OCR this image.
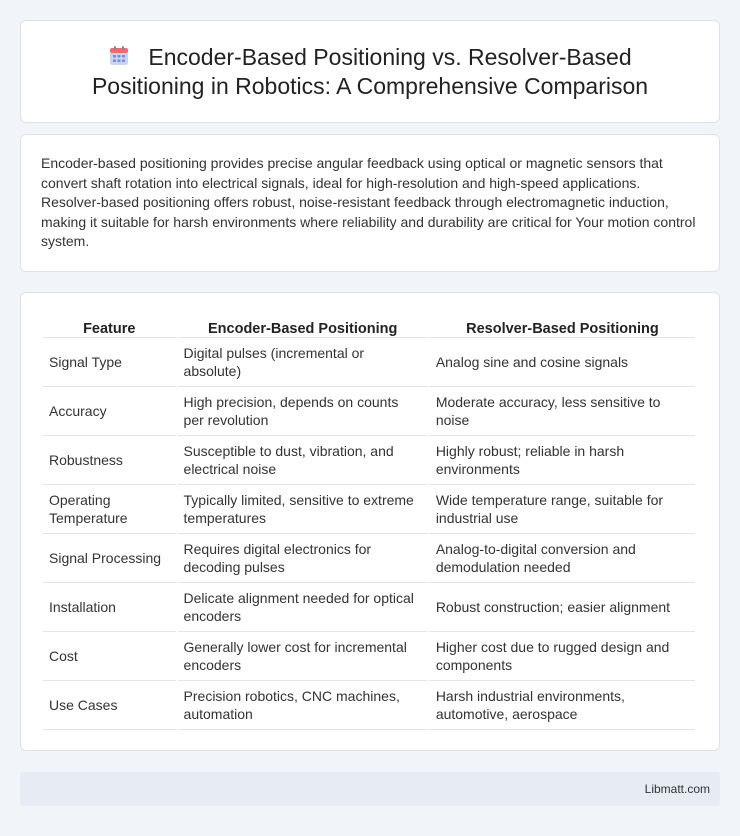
Encoder-Based Positioning vs. Resolver-Based Positioning in Robotics: A Comprehensive Comparison

Encoder-based positioning provides precise angular feedback using optical or magnetic sensors that convert shaft rotation into electrical signals, ideal for high-resolution and high-speed applications. Resolver-based positioning offers robust, noise-resistant feedback through electromagnetic induction, making it suitable for harsh environments where reliability and durability are critical for Your motion control system.

Feature	Encoder-Based Positioning	Resolver-Based Positioning
Signal Type	Digital pulses (incremental or absolute)	Analog sine and cosine signals
Accuracy	High precision, depends on counts per revolution	Moderate accuracy, less sensitive to noise
Robustness	Susceptible to dust, vibration, and electrical noise	Highly robust; reliable in harsh environments
Operating Temperature	Typically limited, sensitive to extreme temperatures	Wide temperature range, suitable for industrial use
Signal Processing	Requires digital electronics for decoding pulses	Analog-to-digital conversion and demodulation needed
Installation	Delicate alignment needed for optical encoders	Robust construction; easier alignment
Cost	Generally lower cost for incremental encoders	Higher cost due to rugged design and components
Use Cases	Precision robotics, CNC machines, automation	Harsh industrial environments, automotive, aerospace
Libmatt.com
